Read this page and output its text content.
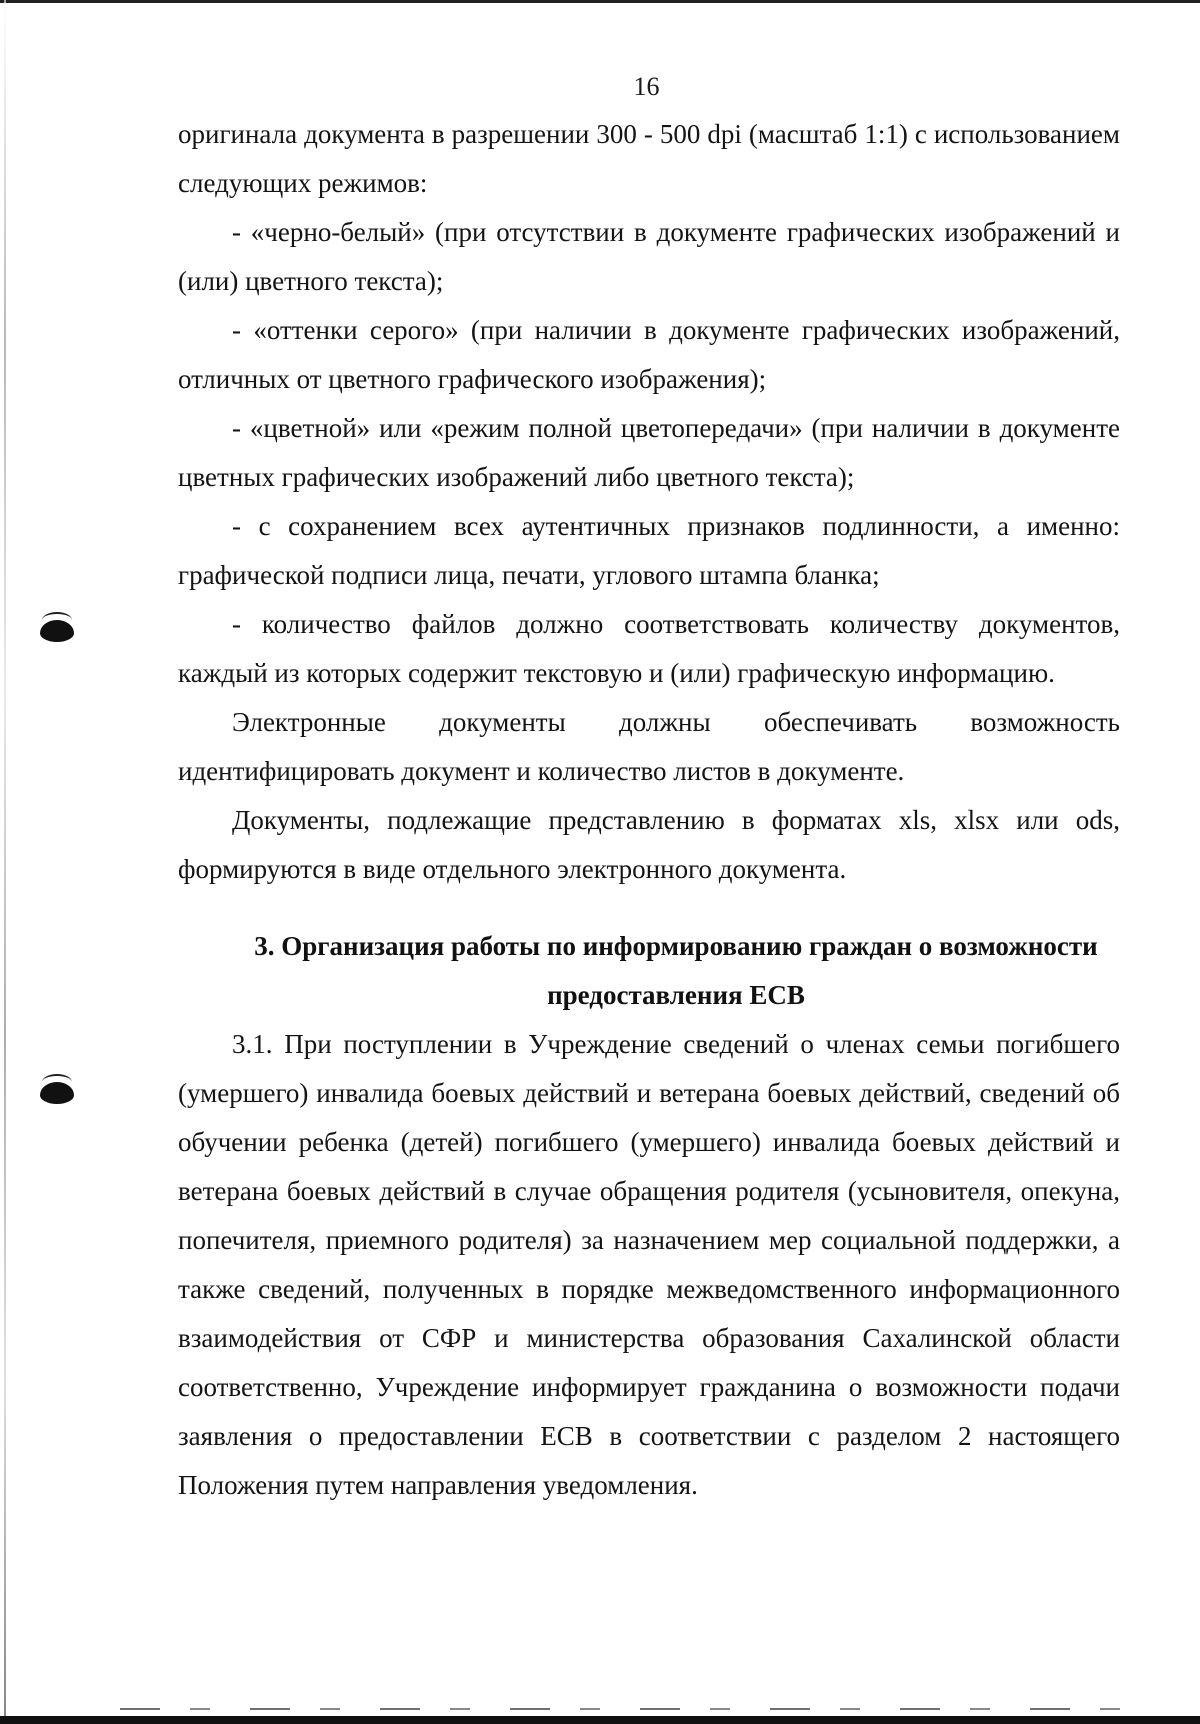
16

оригинала документа в разрешении 300 - 500 dpi (масштаб 1:1) с использованием следующих режимов:

- «черно-белый» (при отсутствии в документе графических изображений и (или) цветного текста);

- «оттенки серого» (при наличии в документе графических изображений, отличных от цветного графического изображения);

- «цветной» или «режим полной цветопередачи» (при наличии в документе цветных графических изображений либо цветного текста);

- с сохранением всех аутентичных признаков подлинности, а именно: графической подписи лица, печати, углового штампа бланка;

- количество файлов должно соответствовать количеству документов, каждый из которых содержит текстовую и (или) графическую информацию.

Электронные документы должны обеспечивать возможность идентифицировать документ и количество листов в документе.

Документы, подлежащие представлению в форматах xls, xlsx или ods, формируются в виде отдельного электронного документа.

3. Организация работы по информированию граждан о возможности предоставления ЕСВ

3.1. При поступлении в Учреждение сведений о членах семьи погибшего (умершего) инвалида боевых действий и ветерана боевых действий, сведений об обучении ребенка (детей) погибшего (умершего) инвалида боевых действий и ветерана боевых действий в случае обращения родителя (усыновителя, опекуна, попечителя, приемного родителя) за назначением мер социальной поддержки, а также сведений, полученных в порядке межведомственного информационного взаимодействия от СФР и министерства образования Сахалинской области соответственно, Учреждение информирует гражданина о возможности подачи заявления о предоставлении ЕСВ в соответствии с разделом 2 настоящего Положения путем направления уведомления.
